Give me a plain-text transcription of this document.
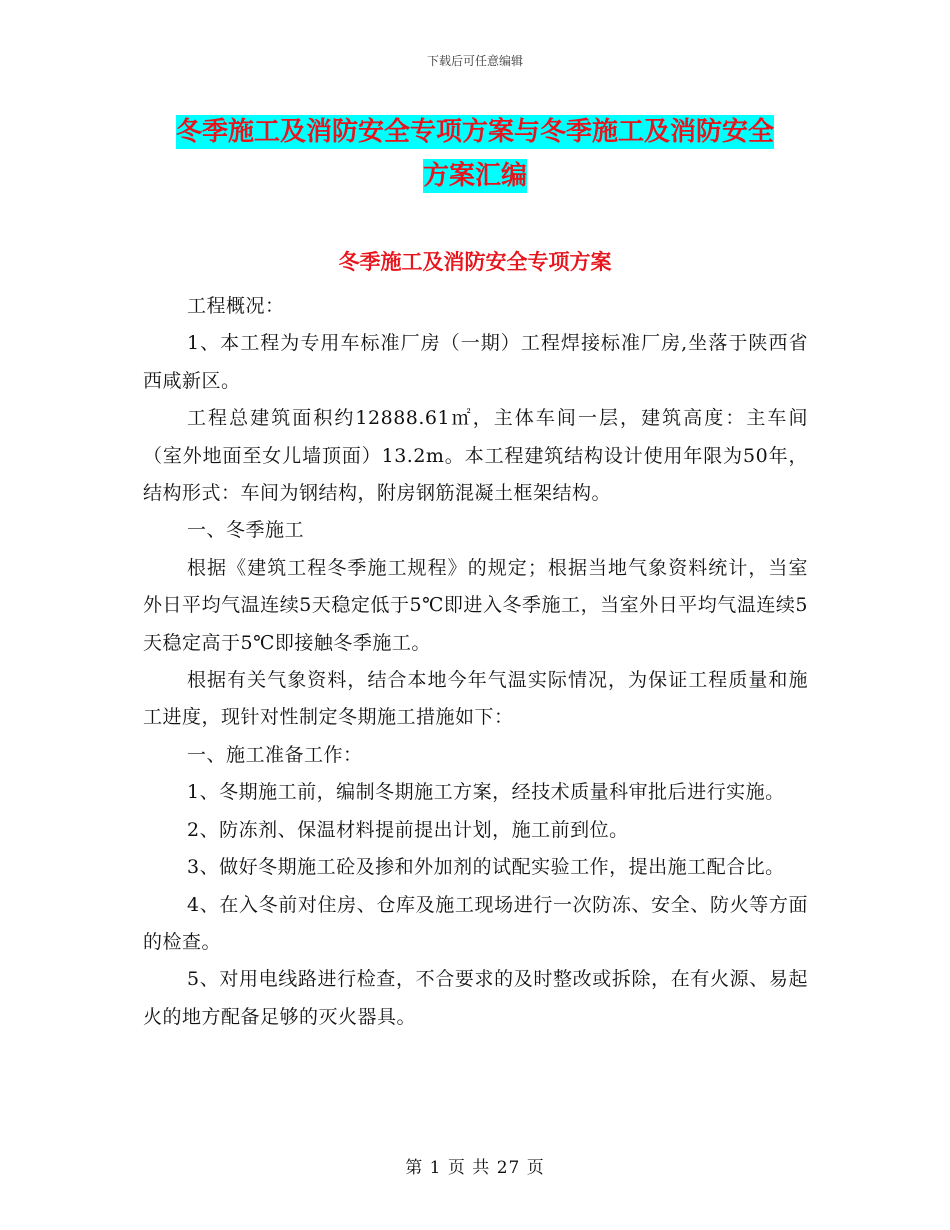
下载后可任意编辑
冬季施工及消防安全专项方案与冬季施工及消防安全
方案汇编
冬季施工及消防安全专项方案

工程概况：

1、本工程为专用车标准厂房（一期）工程焊接标准厂房,坐落于陕西省西咸新区。

工程总建筑面积约12888.61㎡，主体车间一层，建筑高度：主车间（室外地面至女儿墙顶面）13.2m。本工程建筑结构设计使用年限为50年，结构形式：车间为钢结构，附房钢筋混凝土框架结构。

一、冬季施工

根据《建筑工程冬季施工规程》的规定；根据当地气象资料统计，当室外日平均气温连续5天稳定低于5℃即进入冬季施工，当室外日平均气温连续5天稳定高于5℃即接触冬季施工。

根据有关气象资料，结合本地今年气温实际情况，为保证工程质量和施工进度，现针对性制定冬期施工措施如下：

一、施工准备工作：

1、冬期施工前，编制冬期施工方案，经技术质量科审批后进行实施。

2、防冻剂、保温材料提前提出计划，施工前到位。

3、做好冬期施工砼及掺和外加剂的试配实验工作，提出施工配合比。

4、在入冬前对住房、仓库及施工现场进行一次防冻、安全、防火等方面的检查。

5、对用电线路进行检查，不合要求的及时整改或拆除，在有火源、易起火的地方配备足够的灭火器具。

第 1 页 共 27 页
